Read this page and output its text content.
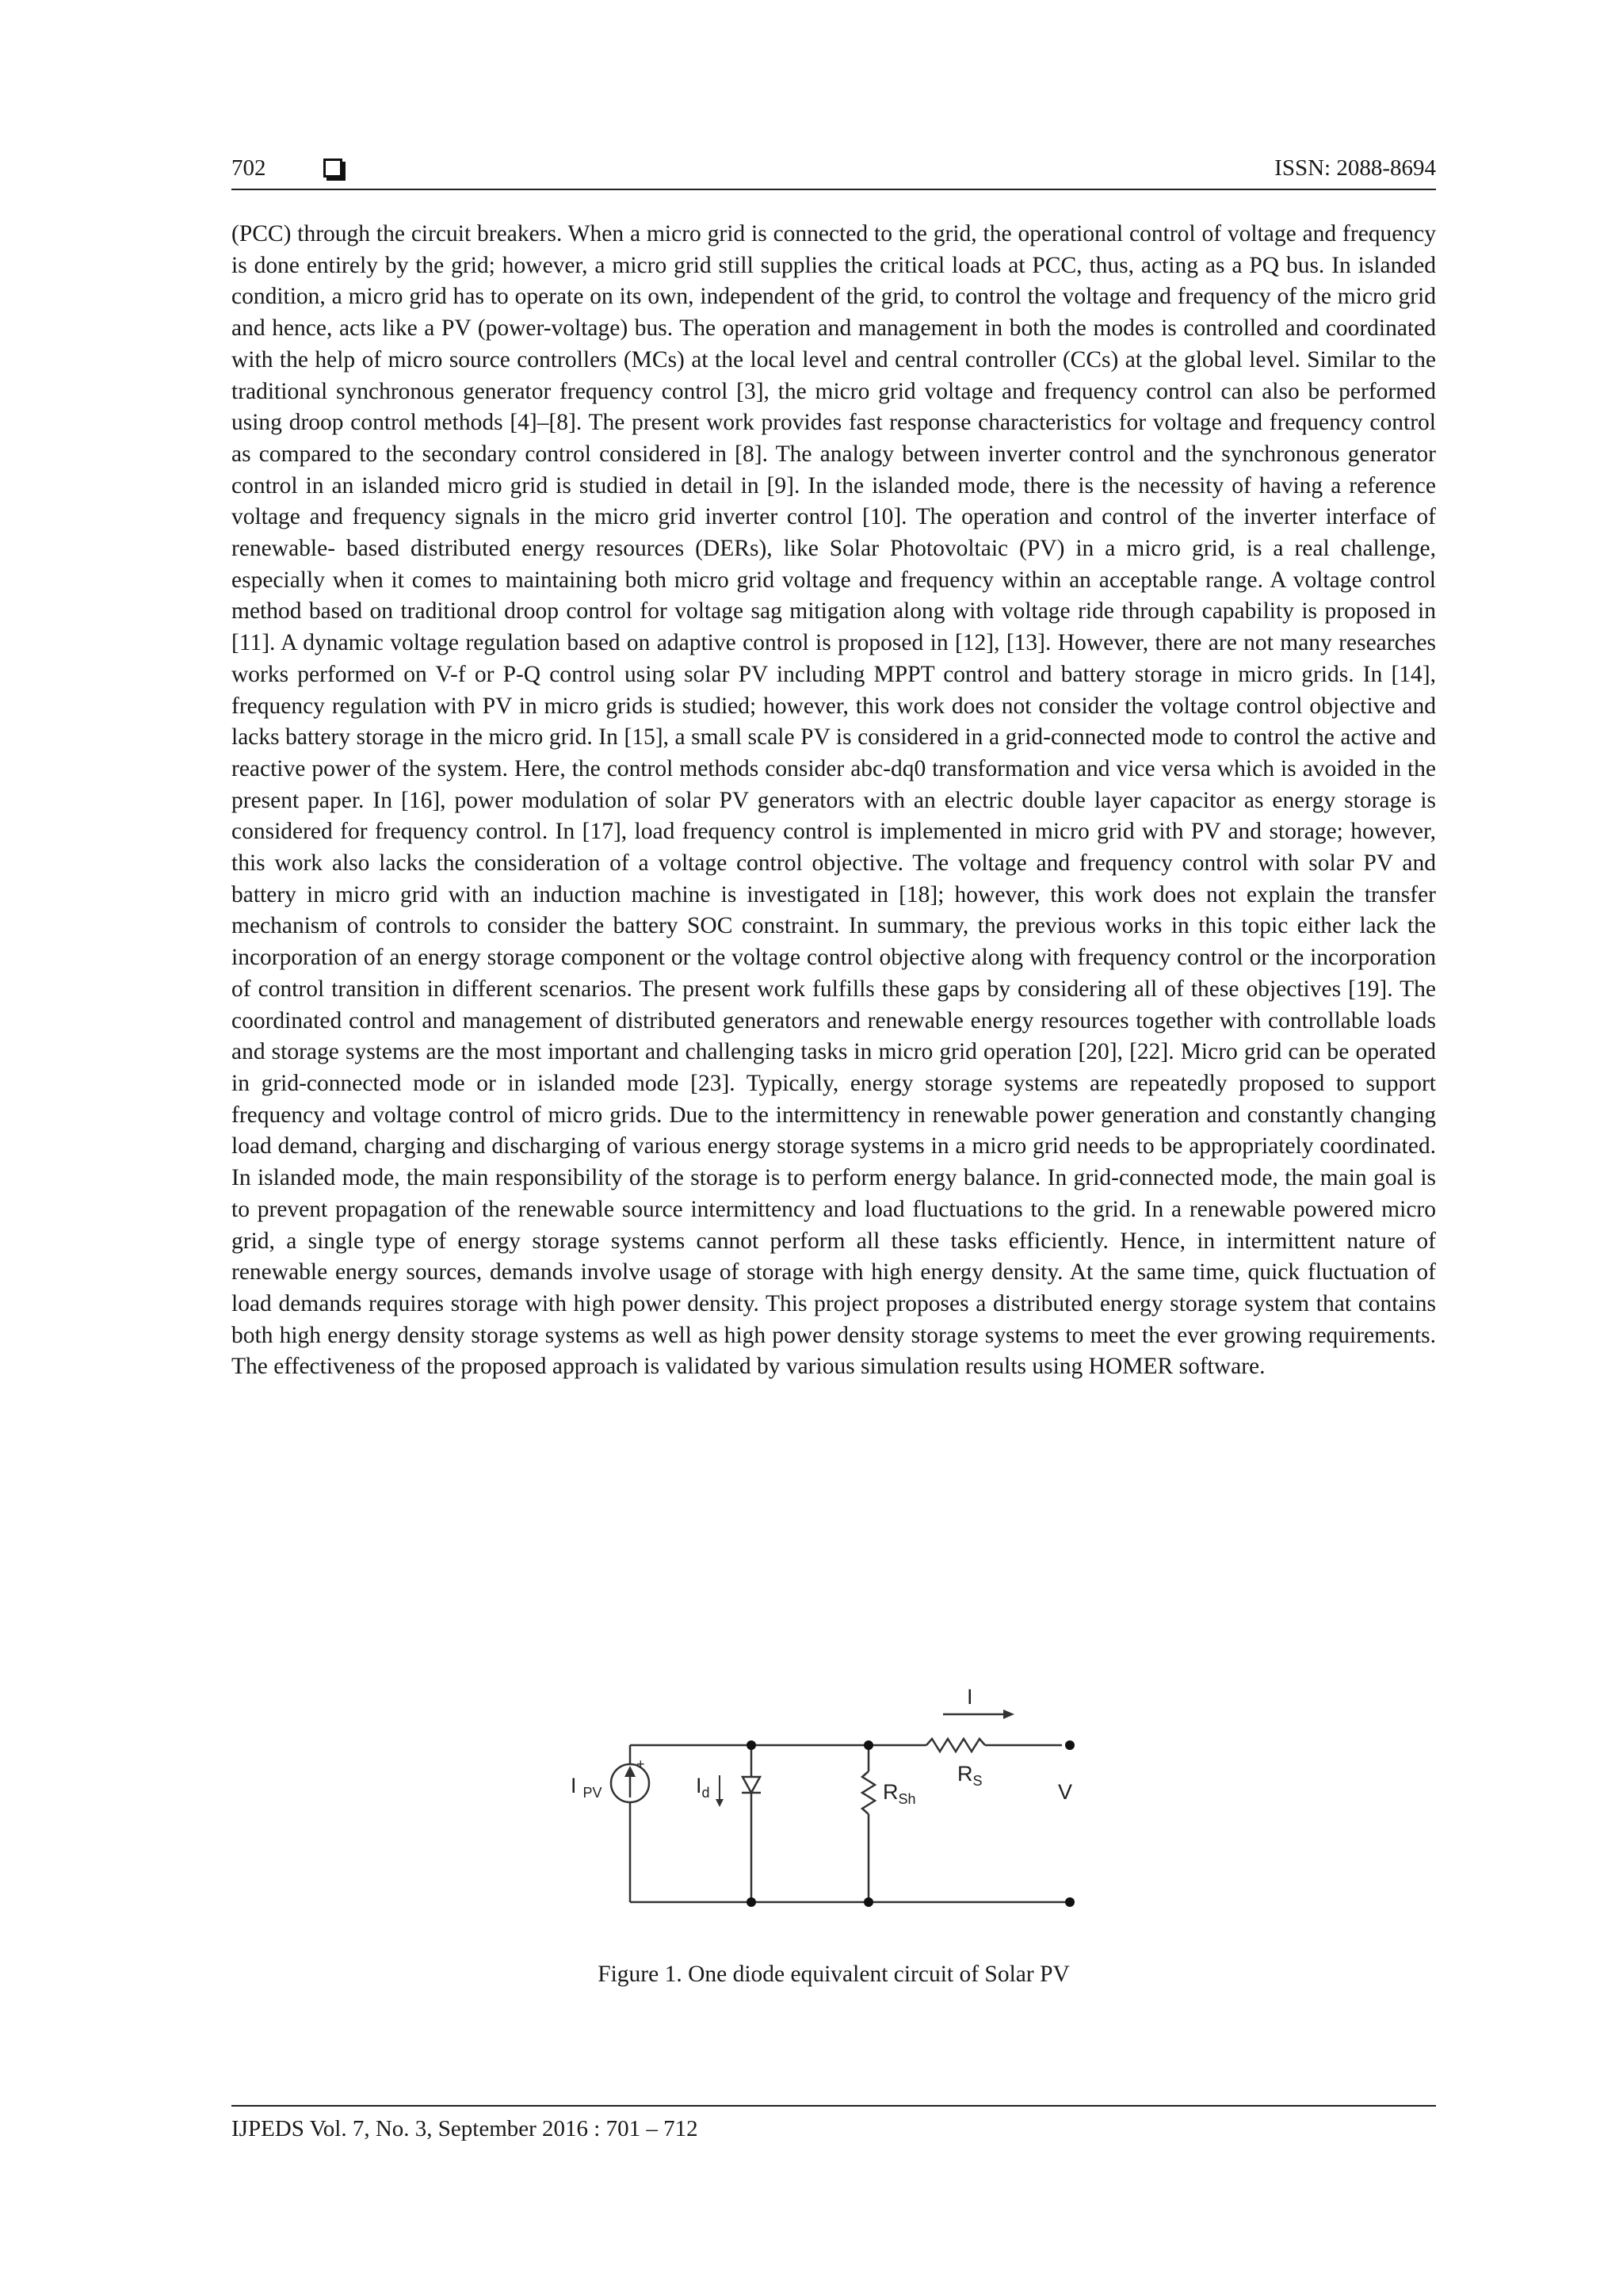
702	ISSN: 2088-8694

(PCC) through the circuit breakers. When a micro grid is connected to the grid, the operational control of voltage and frequency is done entirely by the grid; however, a micro grid still supplies the critical loads at PCC, thus, acting as a PQ bus. In islanded condition, a micro grid has to operate on its own, independent of the grid, to control the voltage and frequency of the micro grid and hence, acts like a PV (power-voltage) bus. The operation and management in both the modes is controlled and coordinated with the help of micro source controllers (MCs) at the local level and central controller (CCs) at the global level. Similar to the traditional synchronous generator frequency control [3], the micro grid voltage and frequency control can also be performed using droop control methods [4]–[8]. The present work provides fast response characteristics for voltage and frequency control as compared to the secondary control considered in [8]. The analogy between inverter control and the synchronous generator control in an islanded micro grid is studied in detail in [9]. In the islanded mode, there is the necessity of having a reference voltage and frequency signals in the micro grid inverter control [10]. The operation and control of the inverter interface of renewable- based distributed energy resources (DERs), like Solar Photovoltaic (PV) in a micro grid, is a real challenge, especially when it comes to maintaining both micro grid voltage and frequency within an acceptable range. A voltage control method based on traditional droop control for voltage sag mitigation along with voltage ride through capability is proposed in [11]. A dynamic voltage regulation based on adaptive control is proposed in [12], [13]. However, there are not many researches works performed on V-f or P-Q control using solar PV including MPPT control and battery storage in micro grids. In [14], frequency regulation with PV in micro grids is studied; however, this work does not consider the voltage control objective and lacks battery storage in the micro grid. In [15], a small scale PV is considered in a grid-connected mode to control the active and reactive power of the system. Here, the control methods consider abc-dq0 transformation and vice versa which is avoided in the present paper. In [16], power modulation of solar PV generators with an electric double layer capacitor as energy storage is considered for frequency control. In [17], load frequency control is implemented in micro grid with PV and storage; however, this work also lacks the consideration of a voltage control objective. The voltage and frequency control with solar PV and battery in micro grid with an induction machine is investigated in [18]; however, this work does not explain the transfer mechanism of controls to consider the battery SOC constraint. In summary, the previous works in this topic either lack the incorporation of an energy storage component or the voltage control objective along with frequency control or the incorporation of control transition in different scenarios. The present work fulfills these gaps by considering all of these objectives [19]. The coordinated control and management of distributed generators and renewable energy resources together with controllable loads and storage systems are the most important and challenging tasks in micro grid operation [20], [22]. Micro grid can be operated in grid-connected mode or in islanded mode [23]. Typically, energy storage systems are repeatedly proposed to support frequency and voltage control of micro grids. Due to the intermittency in renewable power generation and constantly changing load demand, charging and discharging of various energy storage systems in a micro grid needs to be appropriately coordinated. In islanded mode, the main responsibility of the storage is to perform energy balance. In grid-connected mode, the main goal is to prevent propagation of the renewable source intermittency and load fluctuations to the grid. In a renewable powered micro grid, a single type of energy storage systems cannot perform all these tasks efficiently. Hence, in intermittent nature of renewable energy sources, demands involve usage of storage with high energy density. At the same time, quick fluctuation of load demands requires storage with high power density. This project proposes a distributed energy storage system that contains both high energy density storage systems as well as high power density storage systems to meet the ever growing requirements. The effectiveness of the proposed approach is validated by various simulation results using HOMER software.

I
$R_S$
+
I $_{PV}$	$I_d$	$R_{Sh}$	V
Figure 1. One diode equivalent circuit of Solar PV
IJPEDS Vol. 7, No. 3, September 2016 : 701 – 712
